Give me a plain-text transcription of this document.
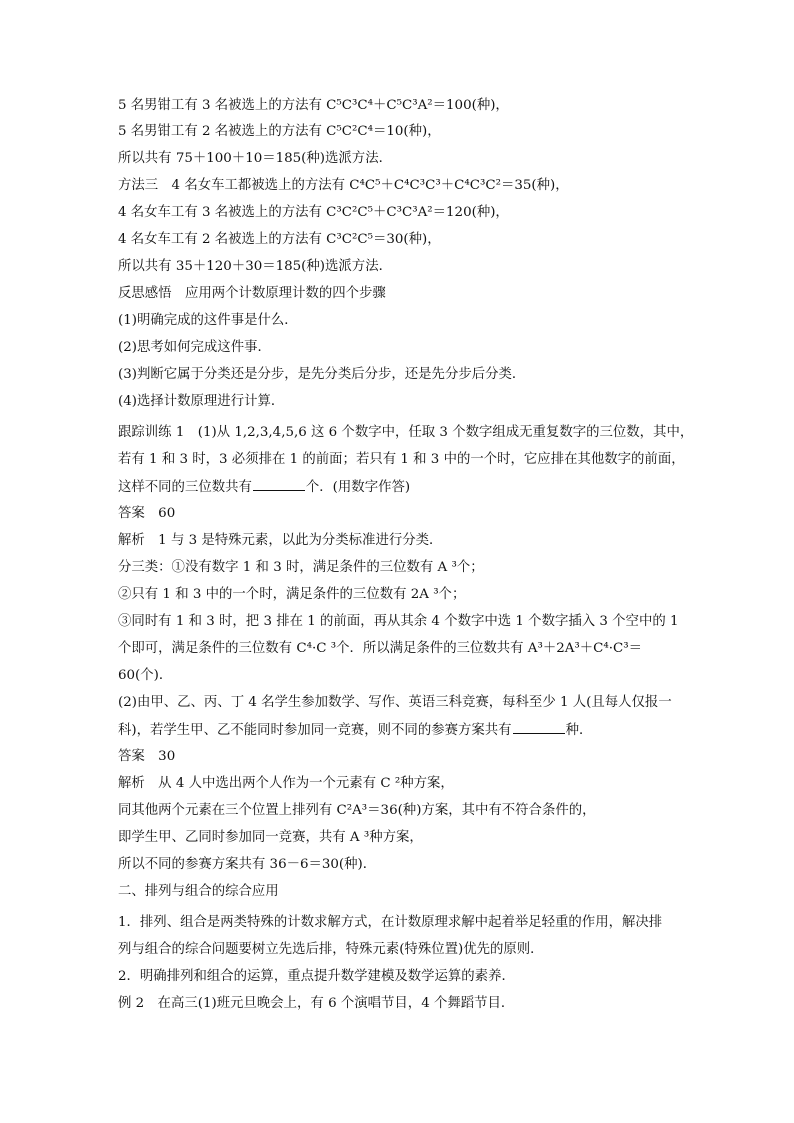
5 名男钳工有 3 名被选上的方法有 C⁵C³C⁴＋C⁵C³A²＝100(种)，
5 名男钳工有 2 名被选上的方法有 C⁵C²C⁴＝10(种)，
所以共有 75＋100＋10＝185(种)选派方法．
方法三　4 名女车工都被选上的方法有 C⁴C⁵＋C⁴C³C³＋C⁴C³C²＝35(种)，
4 名女车工有 3 名被选上的方法有 C³C²C⁵＋C³C³A²＝120(种)，
4 名女车工有 2 名被选上的方法有 C³C²C⁵＝30(种)，
所以共有 35＋120＋30＝185(种)选派方法．
反思感悟　应用两个计数原理计数的四个步骤
(1)明确完成的这件事是什么．
(2)思考如何完成这件事．
(3)判断它属于分类还是分步，是先分类后分步，还是先分步后分类．
(4)选择计数原理进行计算．
跟踪训练 1　(1)从 1,2,3,4,5,6 这 6 个数字中，任取 3 个数字组成无重复数字的三位数，其中，
若有 1 和 3 时，3 必须排在 1 的前面；若只有 1 和 3 中的一个时，它应排在其他数字的前面，
这样不同的三位数共有	个．(用数字作答)
答案　60
解析　1 与 3 是特殊元素，以此为分类标准进行分类．
分三类：①没有数字 1 和 3 时，满足条件的三位数有 A ³个；
②只有 1 和 3 中的一个时，满足条件的三位数有 2A ³个；
③同时有 1 和 3 时，把 3 排在 1 的前面，再从其余 4 个数字中选 1 个数字插入 3 个空中的 1
个即可，满足条件的三位数有 C⁴·C ³个．所以满足条件的三位数共有 A³＋2A³＋C⁴·C³＝
60(个)．
(2)由甲、乙、丙、丁 4 名学生参加数学、写作、英语三科竞赛，每科至少 1 人(且每人仅报一
科)，若学生甲、乙不能同时参加同一竞赛，则不同的参赛方案共有	种．
答案　30
解析　从 4 人中选出两个人作为一个元素有 C ²种方案，
同其他两个元素在三个位置上排列有 C²A³＝36(种)方案，其中有不符合条件的，
即学生甲、乙同时参加同一竞赛，共有 A ³种方案，
所以不同的参赛方案共有 36－6＝30(种)．
二、排列与组合的综合应用
1．排列、组合是两类特殊的计数求解方式，在计数原理求解中起着举足轻重的作用，解决排
列与组合的综合问题要树立先选后排，特殊元素(特殊位置)优先的原则．
2．明确排列和组合的运算，重点提升数学建模及数学运算的素养．
例 2　在高三(1)班元旦晚会上，有 6 个演唱节目，4 个舞蹈节目．
